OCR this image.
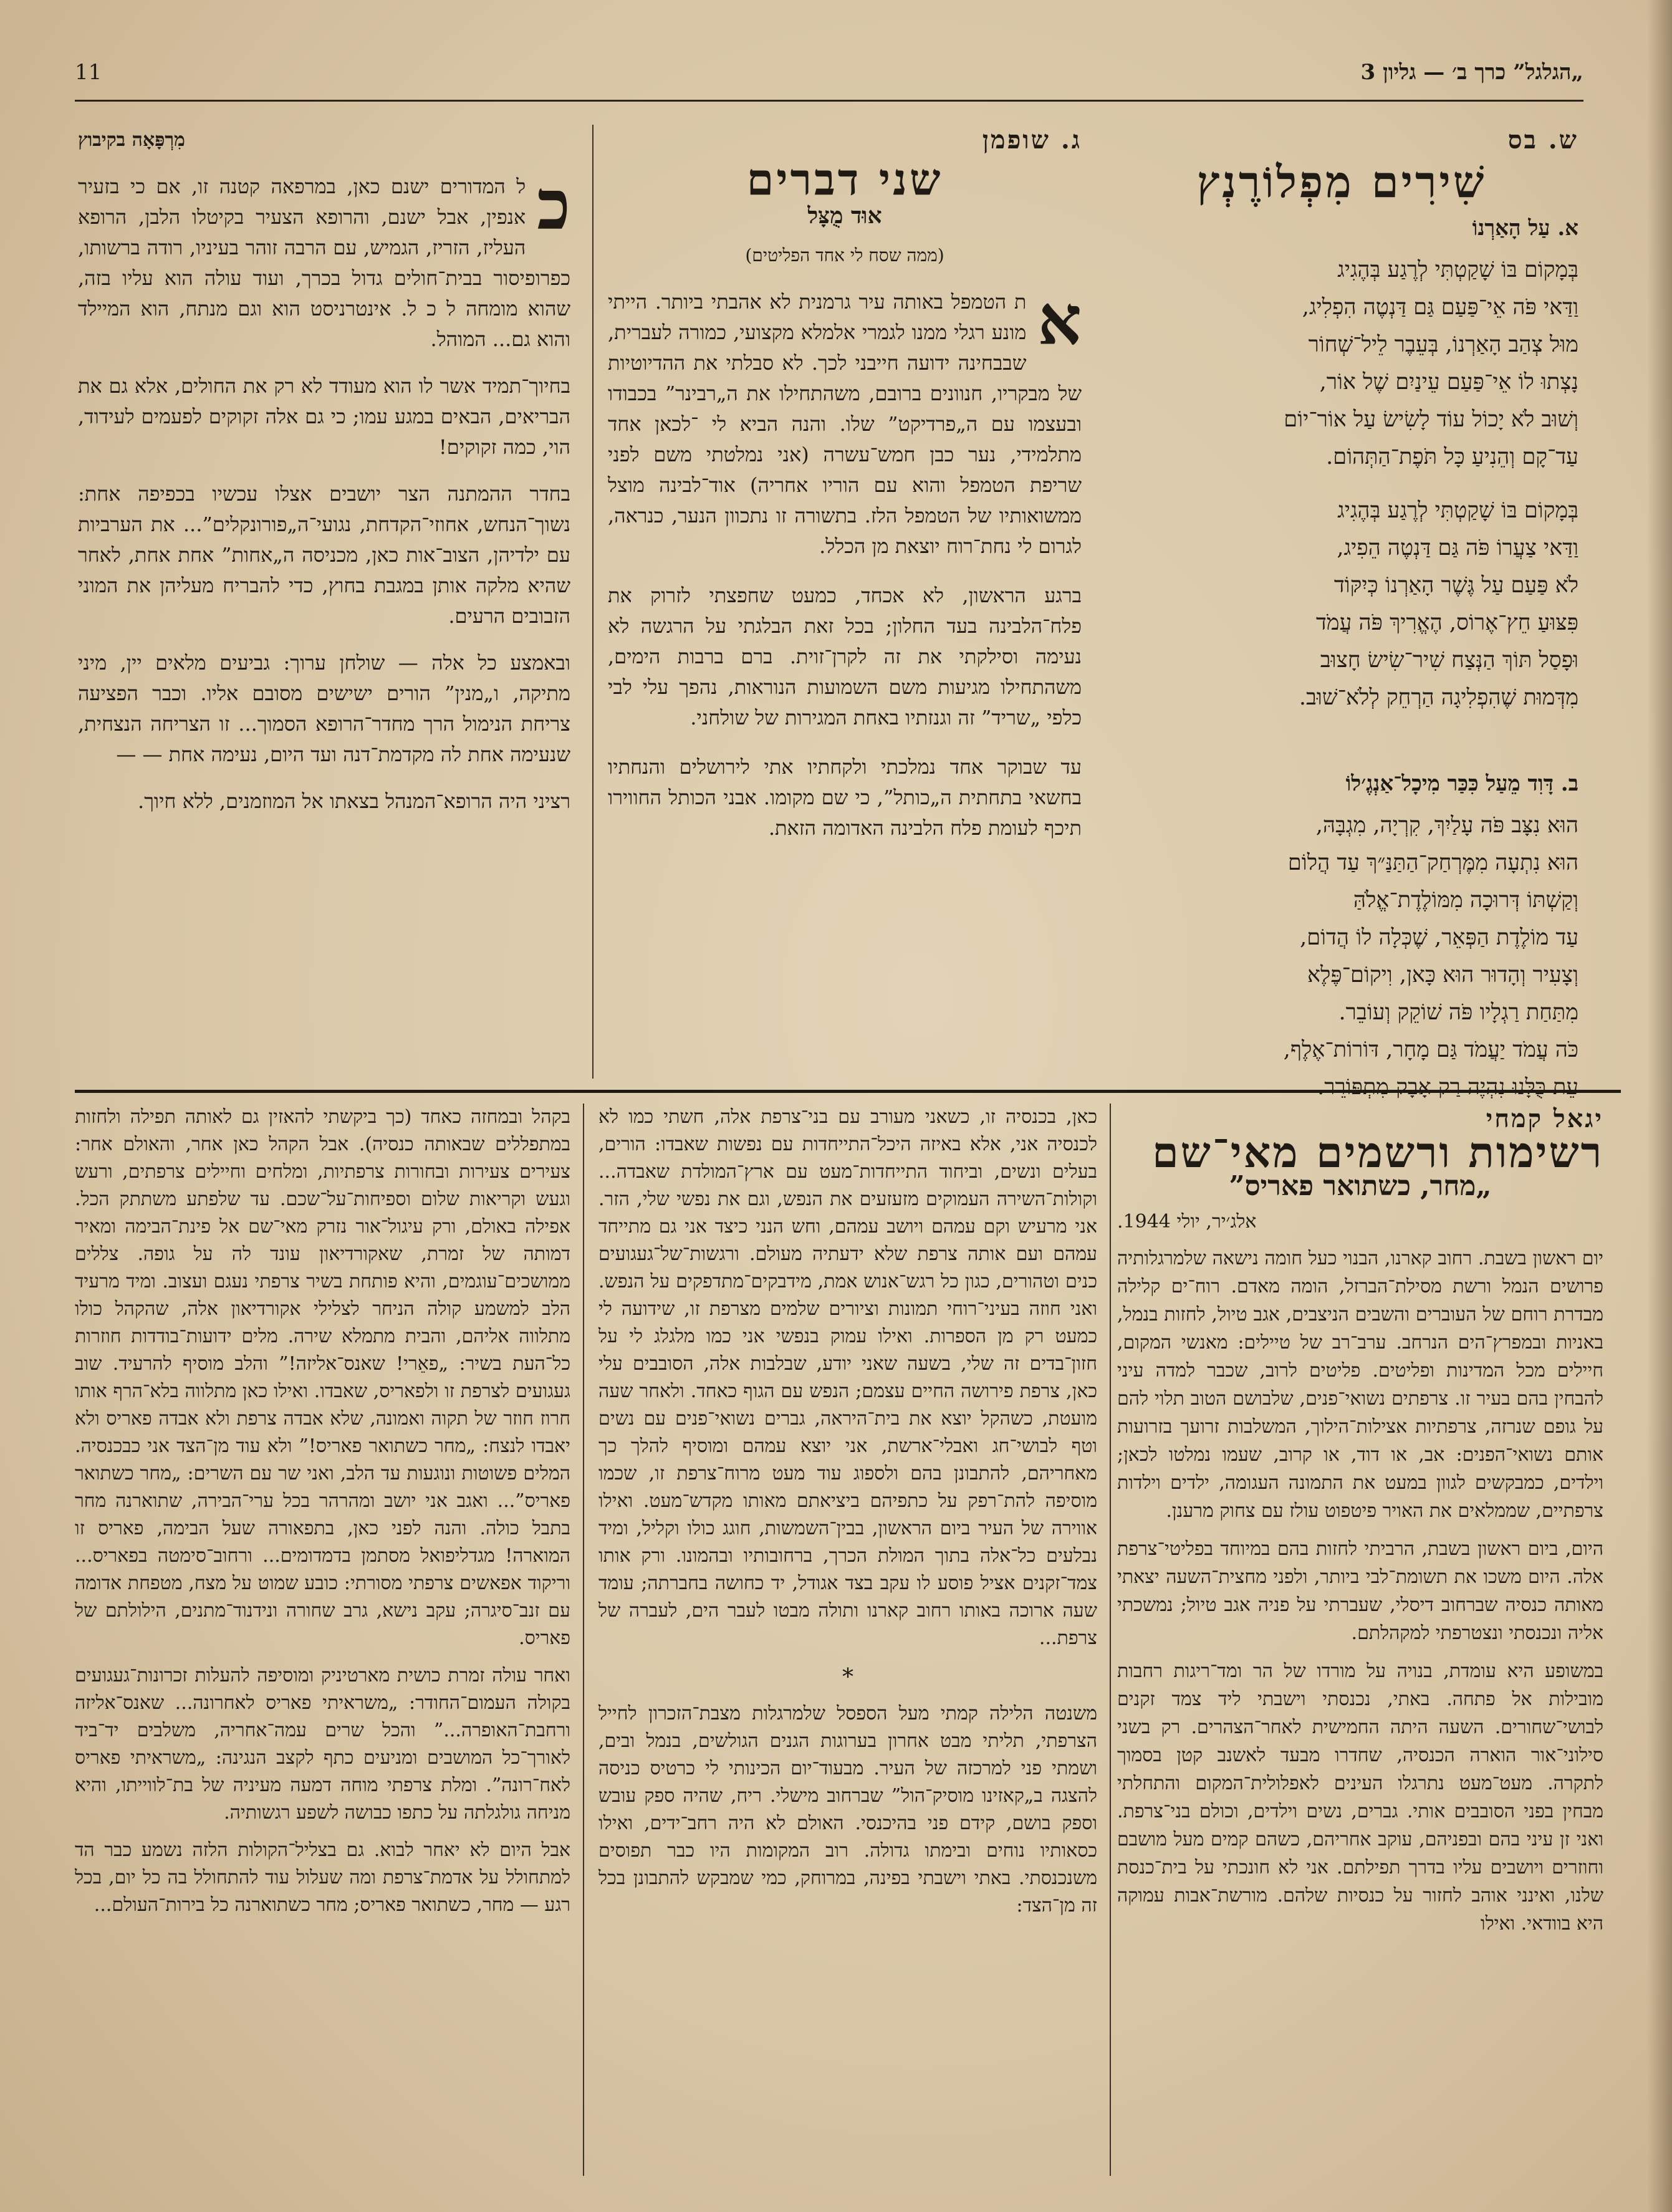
„הגלגל” כרך ב׳ — גליון 3
11
ש. בס
שִׁירִים מִפְלוֹרֶנְץ
א. עַל הָאַרְנוֹ
בְּמָקוֹם בּוֹ שָׁקַטְתִּי לְרֶגַע בְּהֶגִיג
וַדַּאי פֹּה אֵי־פַּעַם גַּם דַּנְטֶה הִפְלִיג,
מוּל צְהַב הָאַרְנוֹ, בְּעֵבֶר לֵיל־שְׁחוֹר
נָצְתוּ לוֹ אֵי־פַּעַם עֵינַיִם שֶׁל אוֹר,
וְשׁוּב לֹא יָכוֹל עוֹד לָשִׂישׂ עַל אוֹר־יוֹם
עַד־קָם וְהֵנִיעַ כָּל תֹּפֶת־הַתְּהוֹם.
בְּמָקוֹם בּוֹ שָׁקַטְתִּי לְרֶגַע בְּהֶגִיג
וַדַּאי צַעֲרוֹ פֹּה גַּם דַּנְטֶה הֵפִיג,
לֹא פַּעַם עַל גֶּשֶׁר הָאַרְנוֹ כְּיִקּוֹד
פִּצּוּעַ חֵץ־אֶרוֹס, הֶאֱרִיךְ פֹּה עֲמֹד
וּפָסַל תּוֹךְ הַנְּצַח שִׁיר־שִׂישׂ חָצוּב
מִדְּמוּת שֶׁהִפְלִיגָה הַרְחֵק לְלֹא־שׁוּב.
ב. דָּוִד מֵעַל כִּכַּר מִיכָל־אַנְגֶ׳לוֹ
הוּא נִצָּב פֹּה עָלַיִךְ, קִרְיָה, מִגְבָּהּ,
הוּא נִתְעָה מִמֶּרְחַק־הַתַּנַּ״ךְ עַד הֲלוֹם
וְקַשְׁתּוֹ דְּרוּכָה מִמּוֹלֶדֶת־אֱלֹהַּ
עַד מוֹלֶדֶת הַפְּאֵר, שֶׁכְּלָה לוֹ הֲדוֹם,
וְצָעִיר וְהָדוּר הוּא כָּאן, וִיקוֹם־פֶּלֶא
מִתַּחַת רַגְלָיו פֹּה שׁוֹקֵק וְעוֹבֵר.
כֹּה עֲמֹד יַעֲמֹד גַּם מָחָר, דּוֹרוֹת־אֶלֶף,
עֵת כֻּלָּנוּ נִהְיֶה רַק אָבָק מִתְפּוֹרֵר.
ג. שופמן
שני דברים
אוּד מֻצָּל
(ממה שסח לי אחד הפליטים)

א
ת הטמפל באותה עיר גרמנית לא אהבתי ביותר. הייתי מונע רגלי ממנו לגמרי אלמלא מקצועי, כמורה לעברית, שבבחינה ידועה חייבני לכך. לא סבלתי את ההדיוטיות של מבקריו, חנוונים ברובם, משהתחילו את ה„רבינר” בכבודו ובעצמו עם ה„פרדיקט” שלו. והנה הביא לי ־לכאן אחד מתלמידי, נער כבן חמש־עשרה (אני נמלטתי משם לפני שריפת הטמפל והוא עם הוריו אחריה) אוד־לבינה מוצל ממשואותיו של הטמפל הלז. בתשורה זו נתכוון הנער, כנראה, לגרום לי נחת־רוח יוצאת מן הכלל.

ברגע הראשון, לא אכחד, כמעט שחפצתי לזרוק את פלח־הלבינה בעד החלון; בכל זאת הבלגתי על הרגשה לא נעימה וסילקתי את זה לקרן־זוית. ברם ברבות הימים, משהתחילו מגיעות משם השמועות הנוראות, נהפך עלי לבי כלפי „שריד” זה וגנזתיו באחת המגירות של שולחני.

עד שבוקר אחד נמלכתי ולקחתיו אתי לירושלים והנחתיו בחשאי בתחתית ה„כותל”, כי שם מקומו. אבני הכותל החווירו תיכף לעומת פלח הלבינה האדומה הזאת.

מִרְפָּאָה בקיבוץ

כ
ל המדורים ישנם כאן, במרפאה קטנה זו, אם כי בזעיר אנפין, אבל ישנם, והרופא הצעיר בקיטלו הלבן, הרופא העליז, הזריז, הגמיש, עם הרבה זוהר בעיניו, רודה ברשותו, כפרופיסור בבית־חולים גדול בכרך, ועוד עולה הוא עליו בזה, שהוא מומחה ל כ ל. אינטרניסט הוא וגם מנתח, הוא המיילד והוא גם... המוהל.

בחיוך־תמיד אשר לו הוא מעודד לא רק את החולים, אלא גם את הבריאים, הבאים במגע עמו; כי גם אלה זקוקים לפעמים לעידוד, הוי, כמה זקוקים!

בחדר ההמתנה הצר יושבים אצלו עכשיו בכפיפה אחת: נשוך־הנחש, אחוזי־הקדחת, נגועי־ה„פורונקלים”... את הערביות עם ילדיהן, הצוב־אות כאן, מכניסה ה„אחות” אחת אחת, לאחר שהיא מלקה אותן במגבת בחוץ, כדי להבריח מעליהן את המוני הזבובים הרעים.

ובאמצע כל אלה — שולחן ערוך: גביעים מלאים יין, מיני מתיקה, ו„מנין” הורים ישישים מסובם אליו. וכבר הפציעה צריחת הנימול הרך מחדר־הרופא הסמוך... זו הצריחה הנצחית, שנעימה אחת לה מקדמת־דנה ועד היום, נעימה אחת — —

רציני היה הרופא־המנהל בצאתו אל המוזמנים, ללא חיוך.

יגאל קמחי
רשימות ורשמים מאי־שם
„מחר, כשתואר פאריס”
אלג׳יר, יולי 1944.

יום ראשון בשבת. רחוב קארנו, הבנוי כעל חומה נישאה שלמרגלותיה פרושים הנמל ורשת מסילת־הברזל, הומה מאדם. רוח־ים קלילה מבדרת רוחם של העוברים והשבים הניצבים, אגב טיול, לחזות בנמל, באניות ובמפרץ־הים הנרחב. ערב־רב של טיילים: מאנשי המקום, חיילים מכל המדינות ופליטים. פליטים לרוב, שכבר למדה עיני להבחין בהם בעיר זו. צרפתים נשואי־פנים, שלבושם הטוב תלוי להם על גופם שנרזה, צרפתיות אצילות־הילוך, המשלבות זרועך בזרועות אותם נשואי־הפנים: אב, או דוד, או קרוב, שעמו נמלטו לכאן; וילדים, כמבקשים לגוון במעט את התמונה העגומה, ילדים וילדות צרפתיים, שממלאים את האויר פיטפוט עולז עם צחוק מרענן.

היום, ביום ראשון בשבת, הרביתי לחזות בהם במיוחד בפליטי־צרפת אלה. היום משכו את תשומת־לבי ביותר, ולפני מחצית־השעה יצאתי מאותה כנסיה שברחוב דיסלי, שעברתי על פניה אגב טיול; נמשכתי אליה ונכנסתי ונצטרפתי למקהלתם.

במשופע היא עומדת, בנויה על מורדו של הר ומד־ריגות רחבות מובילות אל פתחה. באתי, נכנסתי וישבתי ליד צמד זקנים לבושי־שחורים. השעה היתה החמישית לאחר־הצהרים. רק בשני סילוני־אור הוארה הכנסיה, שחדרו מבעד לאשנב קטן בסמוך לתקרה. מעט־מעט נתרגלו העינים לאפלולית־המקום והתחלתי מבחין בפני הסובבים אותי. גברים, נשים וילדים, וכולם בני־צרפת. ואני זן עיני בהם ובפניהם, עוקב אחריהם, כשהם קמים מעל מושבם וחוזרים ויושבים עליו בדרך תפילתם. אני לא חונכתי על בית־כנסת שלנו, ואינני אוהב לחזור על כנסיות שלהם. מורשת־אבות עמוקה היא בוודאי. ואילו

כאן, בכנסיה זו, כשאני מעורב עם בני־צרפת אלה, חשתי כמו לא לכנסיה אני, אלא באיזה היכל־התייחדות עם נפשות שאבדו: הורים, בעלים ונשים, וביחוד התייחדות־מעט עם ארץ־המולדת שאבדה... וקולות־השירה העמוקים מזעזעים את הנפש, וגם את נפשי שלי, הזר. אני מרעיש וקם עמהם ויושב עמהם, וחש הנני כיצד אני גם מתייחד עמהם ועם אותה צרפת שלא ידעתיה מעולם. ורגשות־של־געגועים כנים וטהורים, כגון כל רגש־אנוש אמת, מידבקים־מתדפקים על הנפש. ואני חוזה בעיני־רוחי תמונות וציורים שלמים מצרפת זו, שידועה לי כמעט רק מן הספרות. ואילו עמוק בנפשי אני כמו מלגלג לי על חזון־בדים זה שלי, בשעה שאני יודע, שבלבות אלה, הסובבים עלי כאן, צרפת פירושה החיים עצמם; הנפש עם הגוף כאחד. ולאחר שעה מועטת, כשהקל יוצא את בית־היראה, גברים נשואי־פנים עם נשים וטף לבושי־חג ואבלי־ארשת, אני יוצא עמהם ומוסיף להלך כך מאחריהם, להתבונן בהם ולספוג עוד מעט מרוח־צרפת זו, שכמו מוסיפה להת־רפק על כתפיהם ביציאתם מאותו מקדש־מעט. ואילו אווירה של העיר ביום הראשון, בבין־השמשות, חוגג כולו וקליל, ומיד נבלעים כל־אלה בתוך המולת הכרך, ברחובותיו ובהמונו. ורק אותו צמד־זקנים אציל פוסע לו עקב בצד אגודל, יד כחושה בחברתה; עומד שעה ארוכה באותו רחוב קארנו ותולה מבטו לעבר הים, לעברה של צרפת...

*

משנטה הלילה קמתי מעל הספסל שלמרגלות מצבת־הזכרון לחייל הצרפתי, תליתי מבט אחרון בערוגות הגנים הגולשים, בנמל ובים, ושמתי פני למרכזה של העיר. מבעוד־יום הכינותי לי כרטיס כניסה להצגה ב„קאזינו מוסיק־הול” שברחוב מישלי. ריח, שהיה ספק עובש וספק בושם, קידם פני בהיכנסי. האולם לא היה רחב־ידים, ואילו כסאותיו נוחים ובימתו גדולה. רוב המקומות היו כבר תפוסים משנכנסתי. באתי וישבתי בפינה, במרוחק, כמי שמבקש להתבונן בכל זה מן־הצד:

בקהל ובמחזה כאחד (כך ביקשתי להאזין גם לאותה תפילה ולחזות במתפללים שבאותה כנסיה). אבל הקהל כאן אחר, והאולם אחר: צעירים צעירות ובחורות צרפתיות, ומלחים וחיילים צרפתים, ורעש וגעש וקריאות שלום וספיחות־על־שכם. עד שלפתע משתתק הכל. אפילה באולם, ורק עיגול־אור נזרק מאי־שם אל פינת־הבימה ומאיר דמותה של זמרת, שאקורדיאון עונד לה על גופה. צללים ממושכים־עוגמים, והיא פותחת בשיר צרפתי נעגם ועצוב. ומיד מרעיד הלב למשמע קולה הניחר לצלילי אקורדיאון אלה, שהקהל כולו מתלווה אליהם, והבית מתמלא שירה. מלים ידועות־בודדות חוזרות כל־העת בשיר: „פאֵרי! שאנס־אליזה!” והלב מוסיף להרעיד. שוב געגועים לצרפת זו ולפאריס, שאבדו. ואילו כאן מתלווה בלא־הרף אותו חרוז חוזר של תקוה ואמונה, שלא אבדה צרפת ולא אבדה פאריס ולא יאבדו לנצח: „מחר כשתואר פאריס!” ולא עוד מן־הצד אני כבכנסיה. המלים פשוטות ונוגעות עד הלב, ואני שר עם השרים: „מחר כשתואר פאריס”... ואגב אני יושב ומהרהר בכל ערי־הבירה, שתוארנה מחר בתבל כולה. והנה לפני כאן, בתפאורה שעל הבימה, פאריס זו המוארה! מגדליפואל מסתמן בדמדומים... ורחוב־סימטה בפאריס... וריקוד אפאשים צרפתי מסורתי: כובע שמוט על מצח, מטפחת אדומה עם זנב־סיגרה; עקב נישא, גרב שחורה ונידנוד־מתנים, הילולתם של פאריס.

ואחר עולה זמרת כושית מארטיניק ומוסיפה להעלות זכרונות־געגועים בקולה העמום־החודר: „משראיתי פאריס לאחרונה... שאנס־אליזה ורחבת־האופרה...” והכל שרים עמה־אחריה, משלבים יד־ביד לאורך־כל המושבים ומניעים כתף לקצב הנגינה: „משראיתי פאריס לאח־רונה”. ומלת צרפתי מוחה דמעה מעיניה של בת־לווייתו, והיא מניחה גולגלתה על כתפו כבושה לשפע רגשותיה.

אבל היום לא יאחר לבוא. גם בצליל־הקולות הלזה נשמע כבר הד למתחולל על אדמת־צרפת ומה שעלול עוד להתחולל בה כל יום, בכל רגע — מחר, כשתואר פאריס; מחר כשתוארנה כל בירות־העולם...
